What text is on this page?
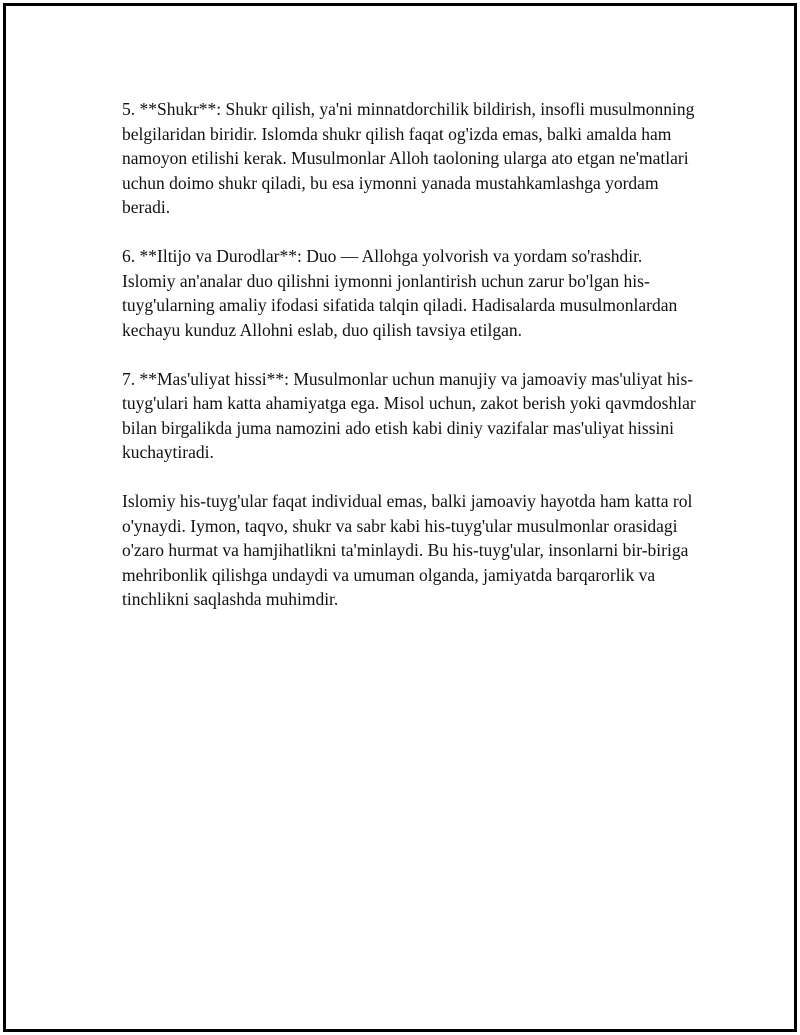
5. **Shukr**: Shukr qilish, ya'ni minnatdorchilik bildirish, insofli musulmonning belgilaridan biridir. Islomda shukr qilish faqat og'izda emas, balki amalda ham namoyon etilishi kerak. Musulmonlar Alloh taoloning ularga ato etgan ne'matlari uchun doimo shukr qiladi, bu esa iymonni yanada mustahkamlashga yordam beradi.

6. **Iltijo va Durodlar**: Duo — Allohga yolvorish va yordam so'rashdir. Islomiy an'analar duo qilishni iymonni jonlantirish uchun zarur bo'lgan his-tuyg'ularning amaliy ifodasi sifatida talqin qiladi. Hadisalarda musulmonlardan kechayu kunduz Allohni eslab, duo qilish tavsiya etilgan.

7. **Mas'uliyat hissi**: Musulmonlar uchun manujiy va jamoaviy mas'uliyat his-tuyg'ulari ham katta ahamiyatga ega. Misol uchun, zakot berish yoki qavmdoshlar bilan birgalikda juma namozini ado etish kabi diniy vazifalar mas'uliyat hissini kuchaytiradi.

Islomiy his-tuyg'ular faqat individual emas, balki jamoaviy hayotda ham katta rol o'ynaydi. Iymon, taqvo, shukr va sabr kabi his-tuyg'ular musulmonlar orasidagi o'zaro hurmat va hamjihatlikni ta'minlaydi. Bu his-tuyg'ular, insonlarni bir-biriga mehribonlik qilishga undaydi va umuman olganda, jamiyatda barqarorlik va tinchlikni saqlashda muhimdir.
